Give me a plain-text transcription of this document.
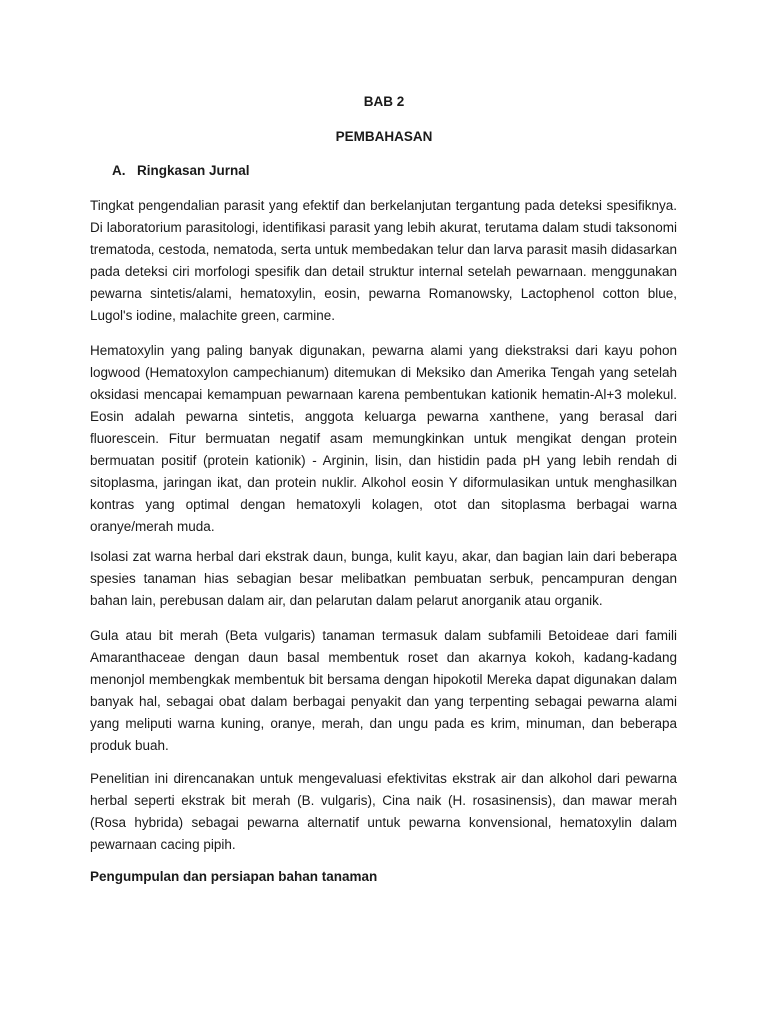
BAB 2
PEMBAHASAN
A. Ringkasan Jurnal

Tingkat pengendalian parasit yang efektif dan berkelanjutan tergantung pada deteksi spesifiknya. Di laboratorium parasitologi, identifikasi parasit yang lebih akurat, terutama dalam studi taksonomi trematoda, cestoda, nematoda, serta untuk membedakan telur dan larva parasit masih didasarkan pada deteksi ciri morfologi spesifik dan detail struktur internal setelah pewarnaan. menggunakan pewarna sintetis/alami, hematoxylin, eosin, pewarna Romanowsky, Lactophenol cotton blue, Lugol's iodine, malachite green, carmine.

Hematoxylin yang paling banyak digunakan, pewarna alami yang diekstraksi dari kayu pohon logwood (Hematoxylon campechianum) ditemukan di Meksiko dan Amerika Tengah yang setelah oksidasi mencapai kemampuan pewarnaan karena pembentukan kationik hematin-Al+3 molekul. Eosin adalah pewarna sintetis, anggota keluarga pewarna xanthene, yang berasal dari fluorescein. Fitur bermuatan negatif asam memungkinkan untuk mengikat dengan protein bermuatan positif (protein kationik) - Arginin, lisin, dan histidin pada pH yang lebih rendah di sitoplasma, jaringan ikat, dan protein nuklir. Alkohol eosin Y diformulasikan untuk menghasilkan kontras yang optimal dengan hematoxyli kolagen, otot dan sitoplasma berbagai warna oranye/merah muda.

Isolasi zat warna herbal dari ekstrak daun, bunga, kulit kayu, akar, dan bagian lain dari beberapa spesies tanaman hias sebagian besar melibatkan pembuatan serbuk, pencampuran dengan bahan lain, perebusan dalam air, dan pelarutan dalam pelarut anorganik atau organik.

Gula atau bit merah (Beta vulgaris) tanaman termasuk dalam subfamili Betoideae dari famili Amaranthaceae dengan daun basal membentuk roset dan akarnya kokoh, kadang-kadang menonjol membengkak membentuk bit bersama dengan hipokotil Mereka dapat digunakan dalam banyak hal, sebagai obat dalam berbagai penyakit dan yang terpenting sebagai pewarna alami yang meliputi warna kuning, oranye, merah, dan ungu pada es krim, minuman, dan beberapa produk buah.

Penelitian ini direncanakan untuk mengevaluasi efektivitas ekstrak air dan alkohol dari pewarna herbal seperti ekstrak bit merah (B. vulgaris), Cina naik (H. rosasinensis), dan mawar merah (Rosa hybrida) sebagai pewarna alternatif untuk pewarna konvensional, hematoxylin dalam pewarnaan cacing pipih.

Pengumpulan dan persiapan bahan tanaman
